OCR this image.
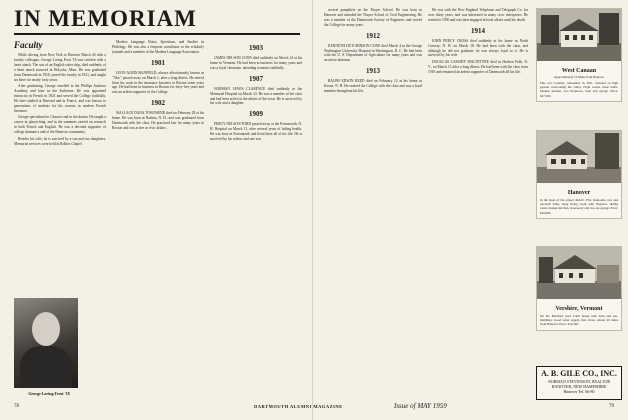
IN MEMORIAM
Faculty

While driving from New York to Hanover March 26 with a faculty colleague, George Loring Frost '18 was stricken with a heart attack. The son of an English sister ship, died suddenly of a heart attack incurred in Holyoke, Mass. He was graduated from Dartmouth in 1918, joined the faculty in 1921, and taught art there for nearly forty years.

After graduating, George enrolled in the Phillips Andover Academy and later in the Sorbonne. He was appointed instructor in French in 1921 and served the College faithfully. He later studied at Harvard and in France, and was known to generations of students for his courses in modern French literature.

George specialized in Chaucer and in the drama. He taught a course in playwriting, and in the summers carried on research in both French and English. He was a devoted supporter of college dramatics and of the Hanover community.

Besides his wife, he is survived by a son and two daughters. Memorial services were held in Rollins Chapel.

George Loring Frost '18

Modern Language Notes, Speculum, and Studies in Philology. He was also a frequent contributor to the scholarly journals and a member of the Modern Language Association.

1901

LEON ALBIN BANFIELD, always affectionately known as "Abe," passed away on March 1, after a long illness. He retired from his work in the insurance business in Boston some years ago. He had been in business in Boston for forty-five years and was an ardent supporter of the College.

1902

WALLACE DANA TOWNSEND died on February 28 at his home. He was born in Nashua, N. H., and was graduated from Dartmouth with the class. He practiced law for many years in Boston and was active in civic affairs.

1903

JAMES NELSON COON died suddenly on March 14 at his home in Vermont. He had been in business for many years and was a loyal classmate, attending reunions faithfully.

1907

NORMAN LEWIS CLARENCE died suddenly in the Memorial Hospital on March 23. He was a member of the class and had been active in the affairs of the town. He is survived by his wife and a daughter.

1909

PERCY NELSON FORD passed away at the Portsmouth, N. H. Hospital on March 11, after several years of failing health. He was born in Portsmouth and lived there all of his life. He is survived by his widow and one son.

78

several pamphlets on the Thayer School. He was born in Hanover and attended the Thayer School of Civil Engineering. He was a member of the Dartmouth Society of Engineers and served the College for many years.

1912

KENNETH HUTCHINSON CONE died March 4 in the George Washington University Hospital in Washington, D. C. He had been with the U. S. Department of Agriculture for many years and was an active alumnus.

1913

RALPH EDWIN REED died on February 12 at his home in Keene, N. H. He entered the College with the class and was a loyal member throughout his life.

He was with the New England Telephone and Telegraph Co. for over thirty years, and was interested in many civic enterprises. He retired in 1950 and was then engaged in local affairs until his death.

1914

JOHN PERCY CROSS died suddenly at his home in North Conway, N. H. on March 18. He had been with the class, and although he did not graduate, he was always loyal to it. He is survived by his wife.

DOUGLAS CASSIDY MACINTYRE died in Hudson Falls, N. Y., on March 15 after a long illness. He had been with the class from 1910 and remained an ardent supporter of Dartmouth all his life.	West Canaan
Approximately 12 Miles from Hanover
Fine old Colonial, remodeled in 1951. Situated on high ground overlooking the valley. Eight rooms, three baths, modern kitchen, two fireplaces, barn and garage. Price: $27,500.
Hanover
In the heart of the school district. Five bedrooms, two and one-half baths, large living room with fireplace, dining room, modern kitchen, breezeway and two-car garage. Price: $29,000.
Vershire, Vermont
On the Bradford road. Farm house with barn and out-buildings. Good water supply, fine views. About 20 miles from Hanover. Price: $12,500.
A. B. GILE CO., INC.
NORMAN STEVENSON, REALTOR
HANOVER, NEW HAMPSHIRE
Hanover Tel. 66-80
DARTMOUTH ALUMNI MAGAZINE	Issue of MAY 1959	79
